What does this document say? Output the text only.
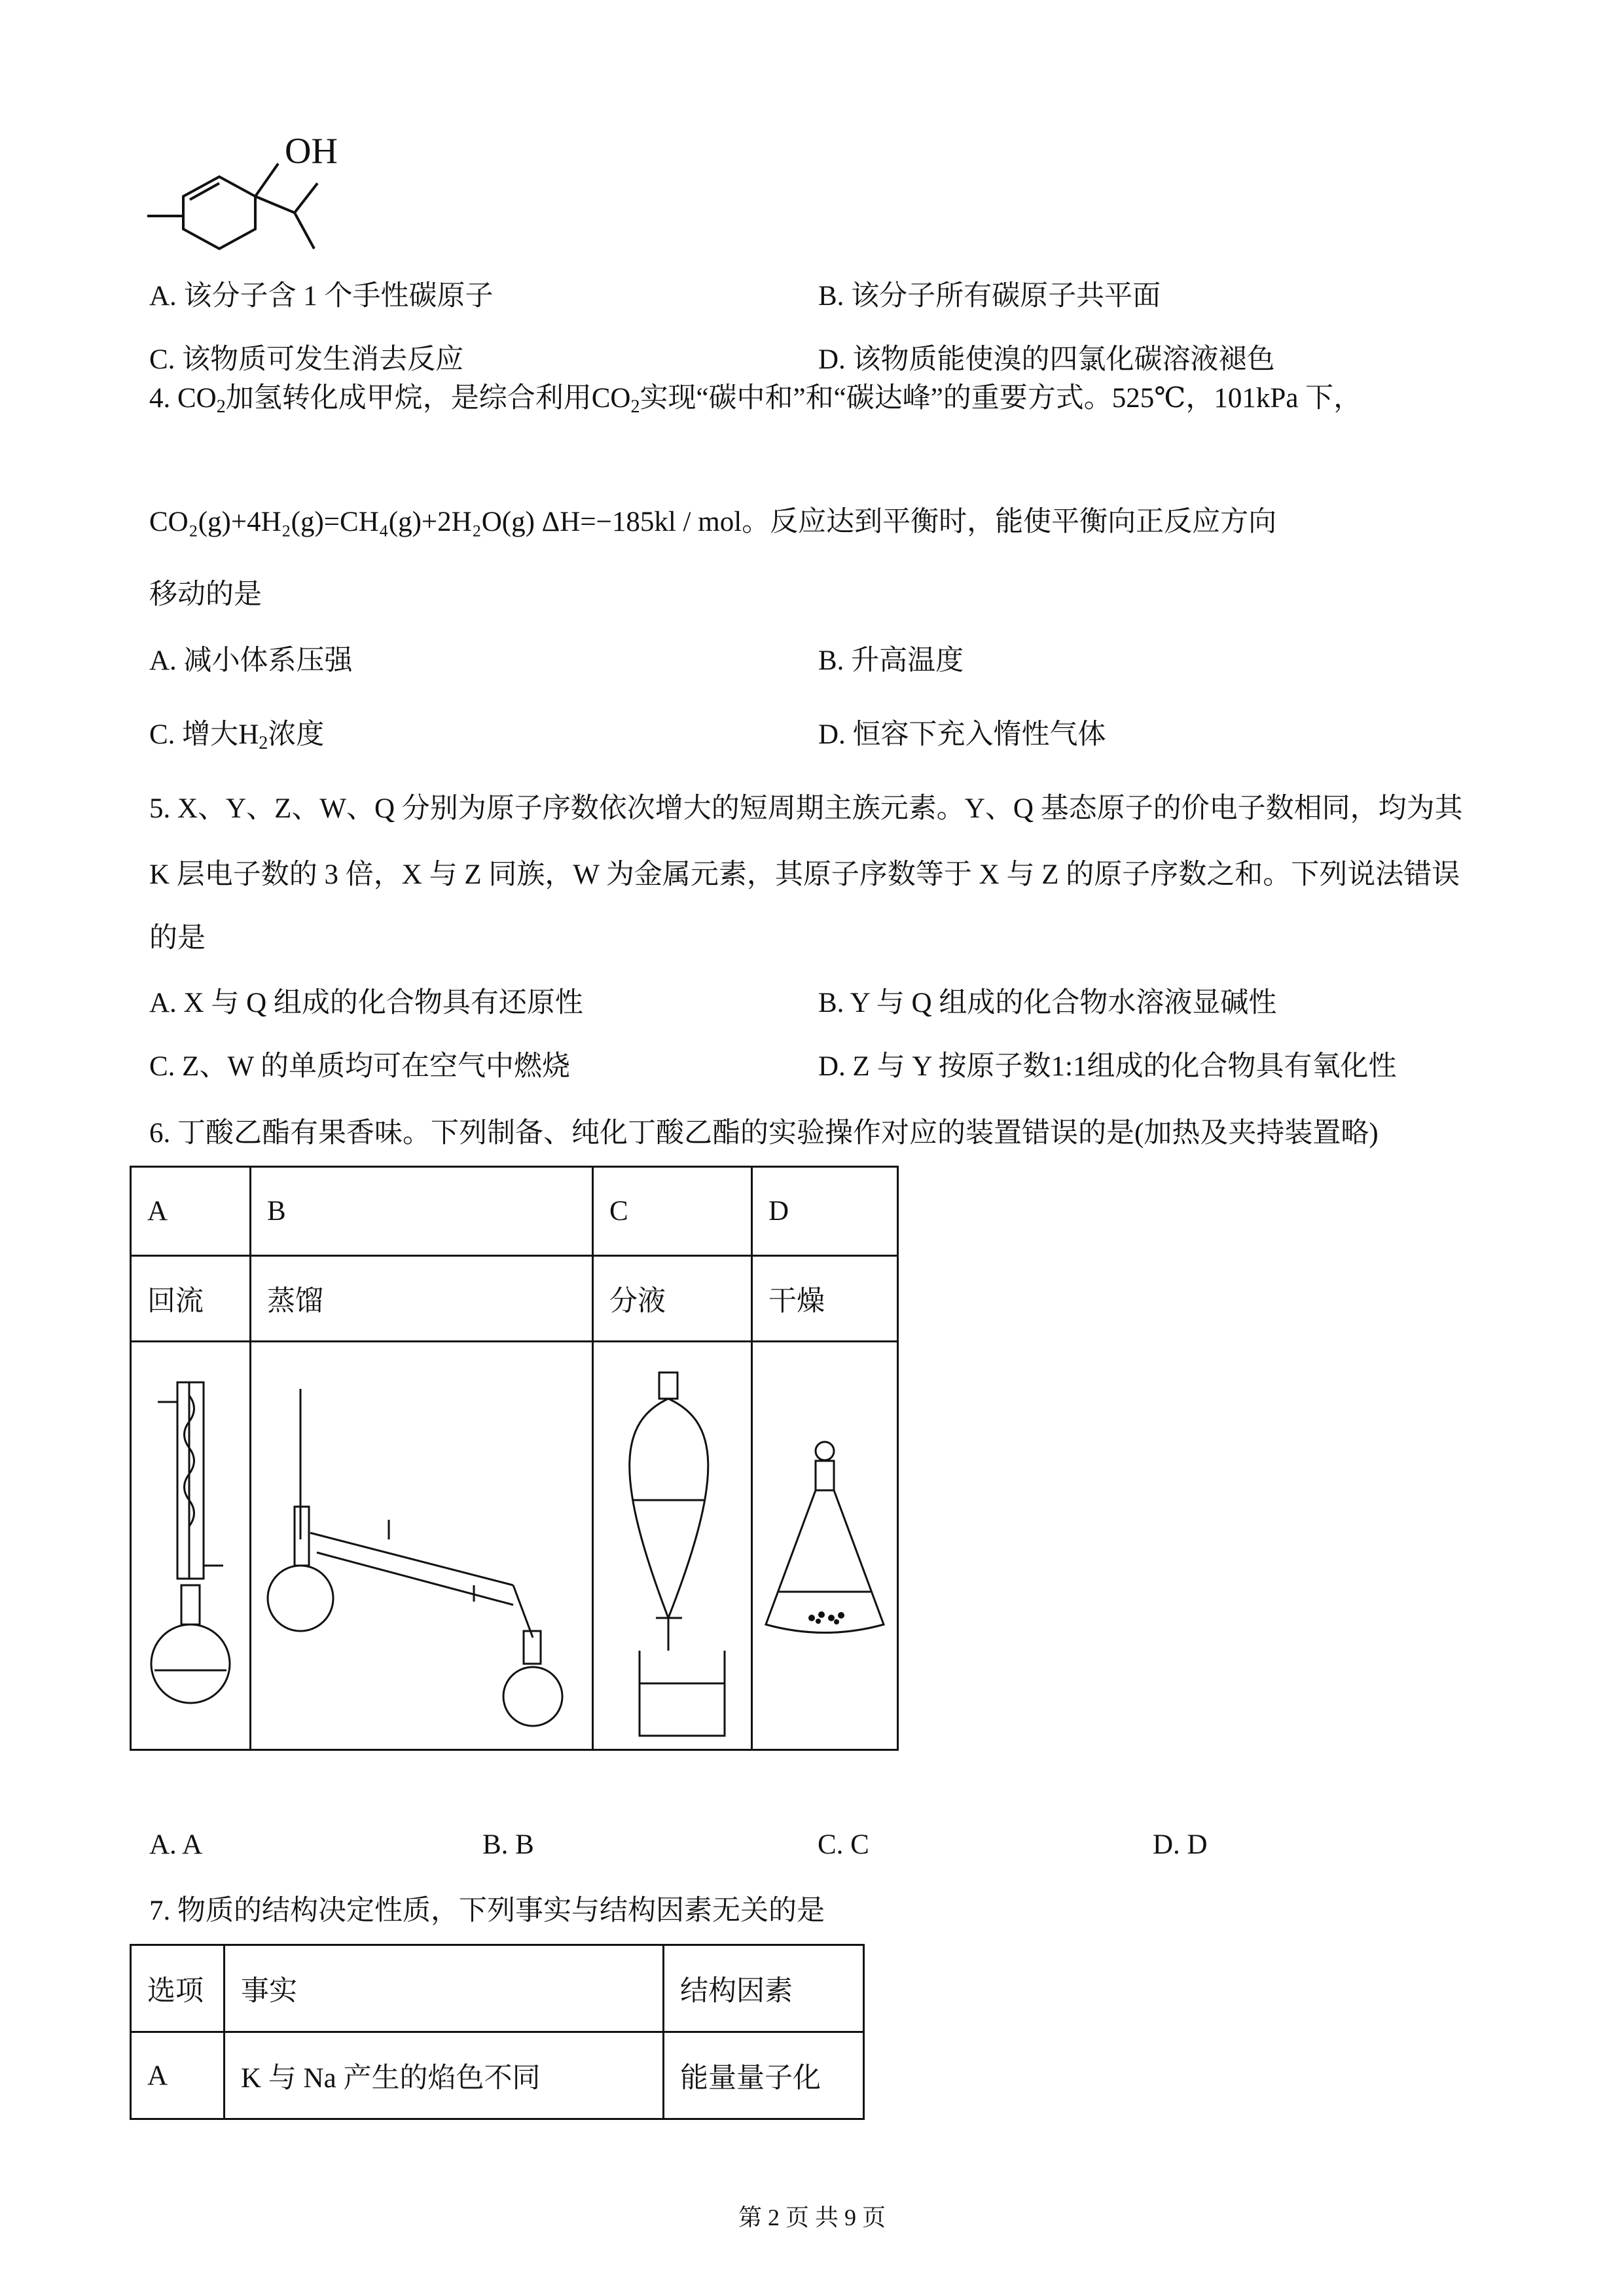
OH
A. 该分子含 1 个手性碳原子	B. 该分子所有碳原子共平面
C. 该物质可发生消去反应	D. 该物质能使溴的四氯化碳溶液褪色
4. $CO_2$加氢转化成甲烷，是综合利用$CO_2$实现“碳中和”和“碳达峰”的重要方式。525℃，101kPa 下，
CO₂(g)+4H₂(g)=CH₄(g)+2H₂O(g) ΔH=−185kl / mol。反应达到平衡时，能使平衡向正反应方向
移动的是
A. 减小体系压强	B. 升高温度
C. 增大$H_2$浓度	D. 恒容下充入惰性气体
5. X、Y、Z、W、Q 分别为原子序数依次增大的短周期主族元素。Y、Q 基态原子的价电子数相同，均为其
K 层电子数的 3 倍，X 与 Z 同族，W 为金属元素，其原子序数等于 X 与 Z 的原子序数之和。下列说法错误
的是
A. X 与 Q 组成的化合物具有还原性	B. Y 与 Q 组成的化合物水溶液显碱性
C. Z、W 的单质均可在空气中燃烧	D. Z 与 Y 按原子数1:1组成的化合物具有氧化性
6. 丁酸乙酯有果香味。下列制备、纯化丁酸乙酯的实验操作对应的装置错误的是(加热及夹持装置略)
A	B	C	D
回流	蒸馏	分液	干燥

A. A	B. B	C. C	D. D
7. 物质的结构决定性质，下列事实与结构因素无关的是
选项	事实	结构因素
A	K 与 Na 产生的焰色不同	能量量子化
第 2 页 共 9 页
